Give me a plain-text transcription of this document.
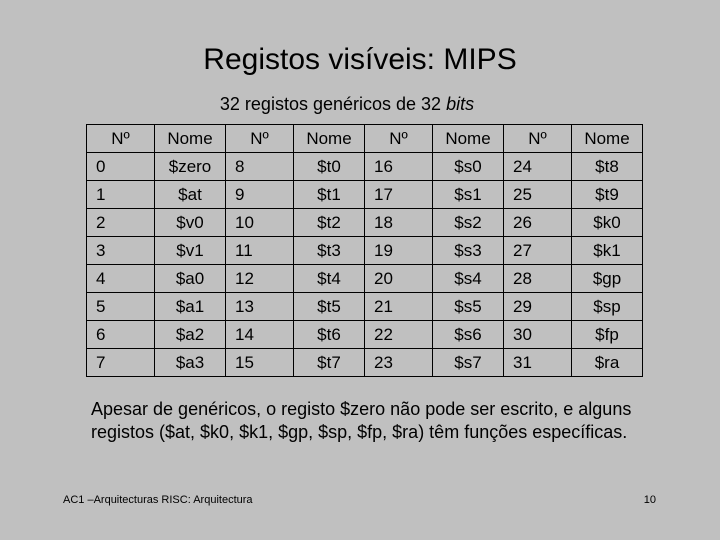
Registos visíveis: MIPS
32 registos genéricos de 32 bits
Nº	Nome	Nº	Nome	Nº	Nome	Nº	Nome
0	$zero	8	$t0	16	$s0	24	$t8
1	$at	9	$t1	17	$s1	25	$t9
2	$v0	10	$t2	18	$s2	26	$k0
3	$v1	11	$t3	19	$s3	27	$k1
4	$a0	12	$t4	20	$s4	28	$gp
5	$a1	13	$t5	21	$s5	29	$sp
6	$a2	14	$t6	22	$s6	30	$fp
7	$a3	15	$t7	23	$s7	31	$ra
Apesar de genéricos, o registo $zero não pode ser escrito, e alguns registos ($at, $k0, $k1, $gp, $sp, $fp, $ra) têm funções específicas.
AC1 –Arquitecturas RISC: Arquitectura	10
